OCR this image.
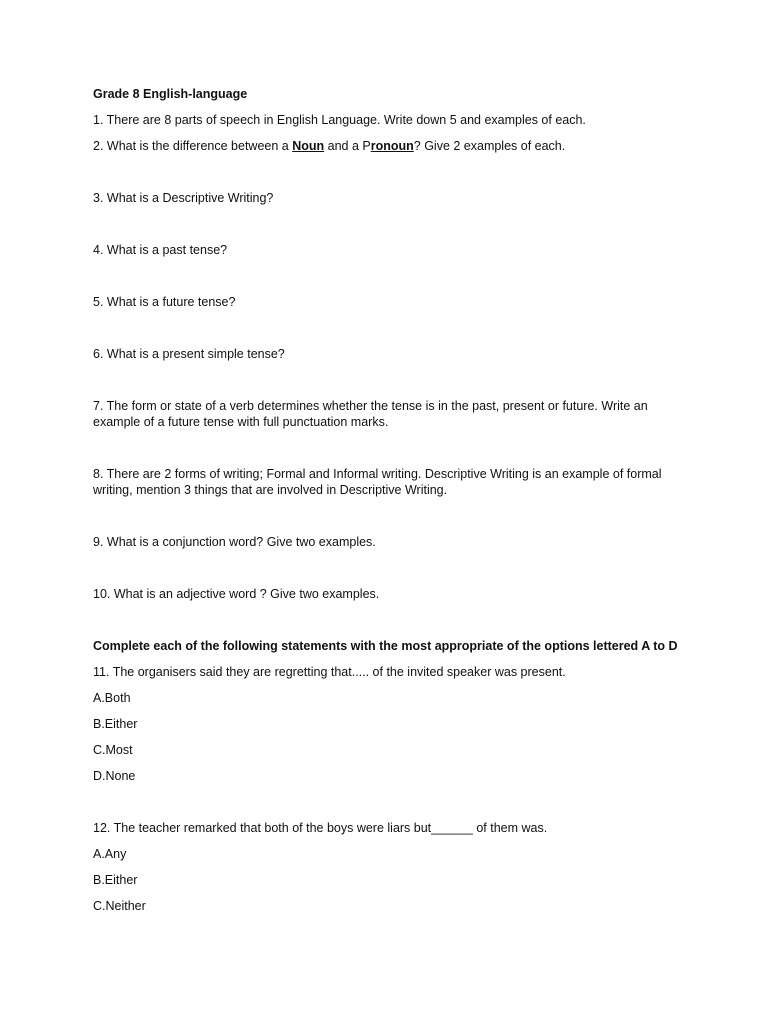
Grade 8 English-language

1. There are 8 parts of speech in English Language. Write down 5 and examples of each.

2. What is the difference between a Noun and a Pronoun? Give 2 examples of each.

3. What is a Descriptive Writing?

4. What is a past tense?

5. What is a future tense?

6. What is a present simple tense?

7. The form or state of a verb determines whether the tense is in the past, present or future. Write an example of a future tense with full punctuation marks.

8. There are 2 forms of writing; Formal and Informal writing. Descriptive Writing is an example of formal writing, mention 3 things that are involved in Descriptive Writing.

9. What is a conjunction word? Give two examples.

10. What is an adjective word ? Give two examples.

Complete each of the following statements with the most appropriate of the options lettered A to D

11. The organisers said they are regretting that..... of the invited speaker was present.

A.Both

B.Either

C.Most

D.None

12. The teacher remarked that both of the boys were liars but______ of them was.

A.Any

B.Either

C.Neither
